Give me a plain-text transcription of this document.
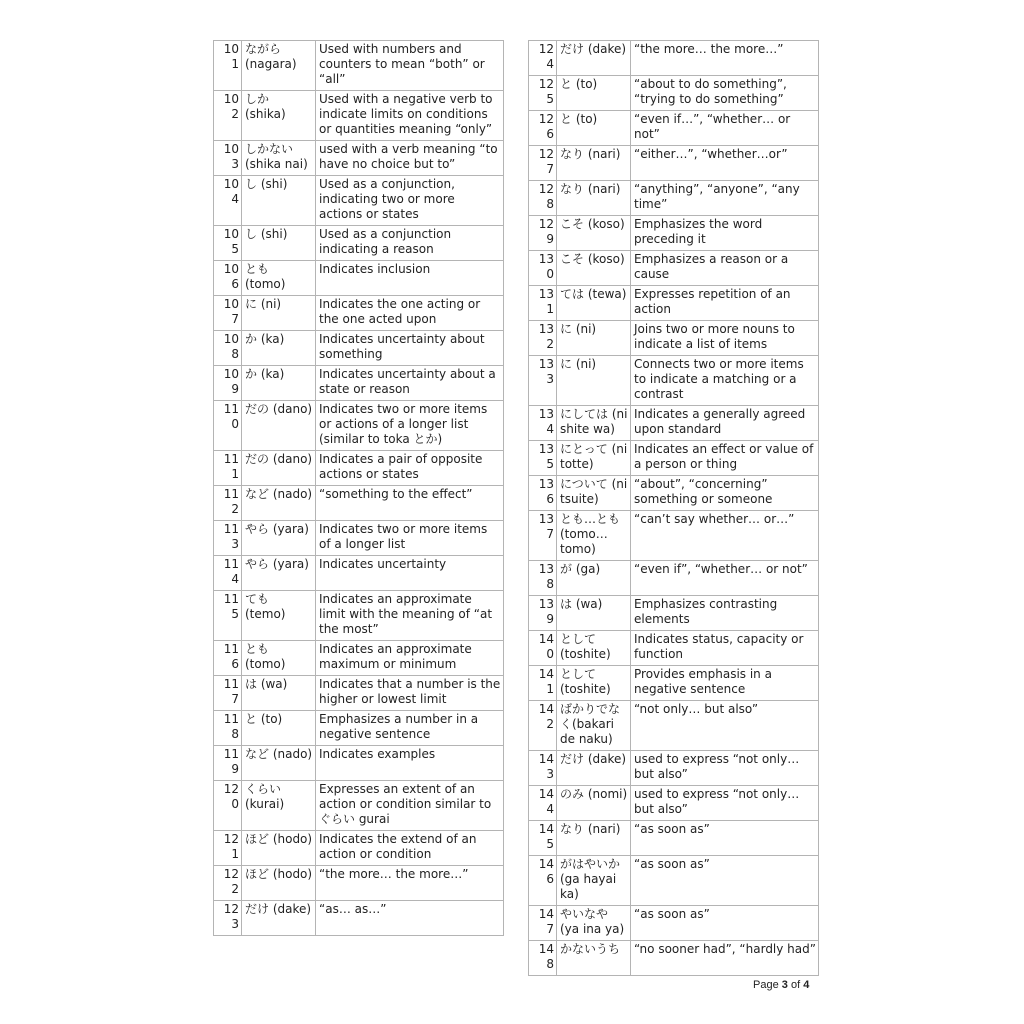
101	ながら (nagara)	Used with numbers and counters to mean “both” or “all”
102	しか (shika)	Used with a negative verb to indicate limits on conditions or quantities meaning “only”
103	しかない (shika nai)	used with a verb meaning “to have no choice but to”
104	し (shi)	Used as a conjunction, indicating two or more actions or states
105	し (shi)	Used as a conjunction indicating a reason
106	とも (tomo)	Indicates inclusion
107	に (ni)	Indicates the one acting or the one acted upon
108	か (ka)	Indicates uncertainty about something
109	か (ka)	Indicates uncertainty about a state or reason
110	だの (dano)	Indicates two or more items or actions of a longer list (similar to toka とか)
111	だの (dano)	Indicates a pair of opposite actions or states
112	など (nado)	“something to the effect”
113	やら (yara)	Indicates two or more items of a longer list
114	やら (yara)	Indicates uncertainty
115	ても (temo)	Indicates an approximate limit with the meaning of “at the most”
116	とも (tomo)	Indicates an approximate maximum or minimum
117	は (wa)	Indicates that a number is the higher or lowest limit
118	と (to)	Emphasizes a number in a negative sentence
119	など (nado)	Indicates examples
120	くらい (kurai)	Expresses an extent of an action or condition similar to ぐらい gurai
121	ほど (hodo)	Indicates the extend of an action or condition
122	ほど (hodo)	“the more… the more…”
123	だけ (dake)	“as… as…”
124	だけ (dake)	“the more… the more…”
125	と (to)	“about to do something”, “trying to do something”
126	と (to)	“even if…”, “whether… or not”
127	なり (nari)	“either…”, “whether…or”
128	なり (nari)	“anything”, “anyone”, “any time”
129	こそ (koso)	Emphasizes the word preceding it
130	こそ (koso)	Emphasizes a reason or a cause
131	ては (tewa)	Expresses repetition of an action
132	に (ni)	Joins two or more nouns to indicate a list of items
133	に (ni)	Connects two or more items to indicate a matching or a contrast
134	にしては (ni shite wa)	Indicates a generally agreed upon standard
135	にとって (ni totte)	Indicates an effect or value of a person or thing
136	について (ni tsuite)	“about”, “concerning” something or someone
137	とも…とも (tomo… tomo)	“can’t say whether… or…”
138	が (ga)	“even if”, “whether… or not”
139	は (wa)	Emphasizes contrasting elements
140	として (toshite)	Indicates status, capacity or function
141	として (toshite)	Provides emphasis in a negative sentence
142	ばかりでなく(bakari de naku)	“not only… but also”
143	だけ (dake)	used to express “not only…but also”
144	のみ (nomi)	used to express “not only…but also”
145	なり (nari)	“as soon as”
146	がはやいか (ga hayai ka)	“as soon as”
147	やいなや (ya ina ya)	“as soon as”
148	かないうち	“no sooner had”, “hardly had”
Page 3 of 4
